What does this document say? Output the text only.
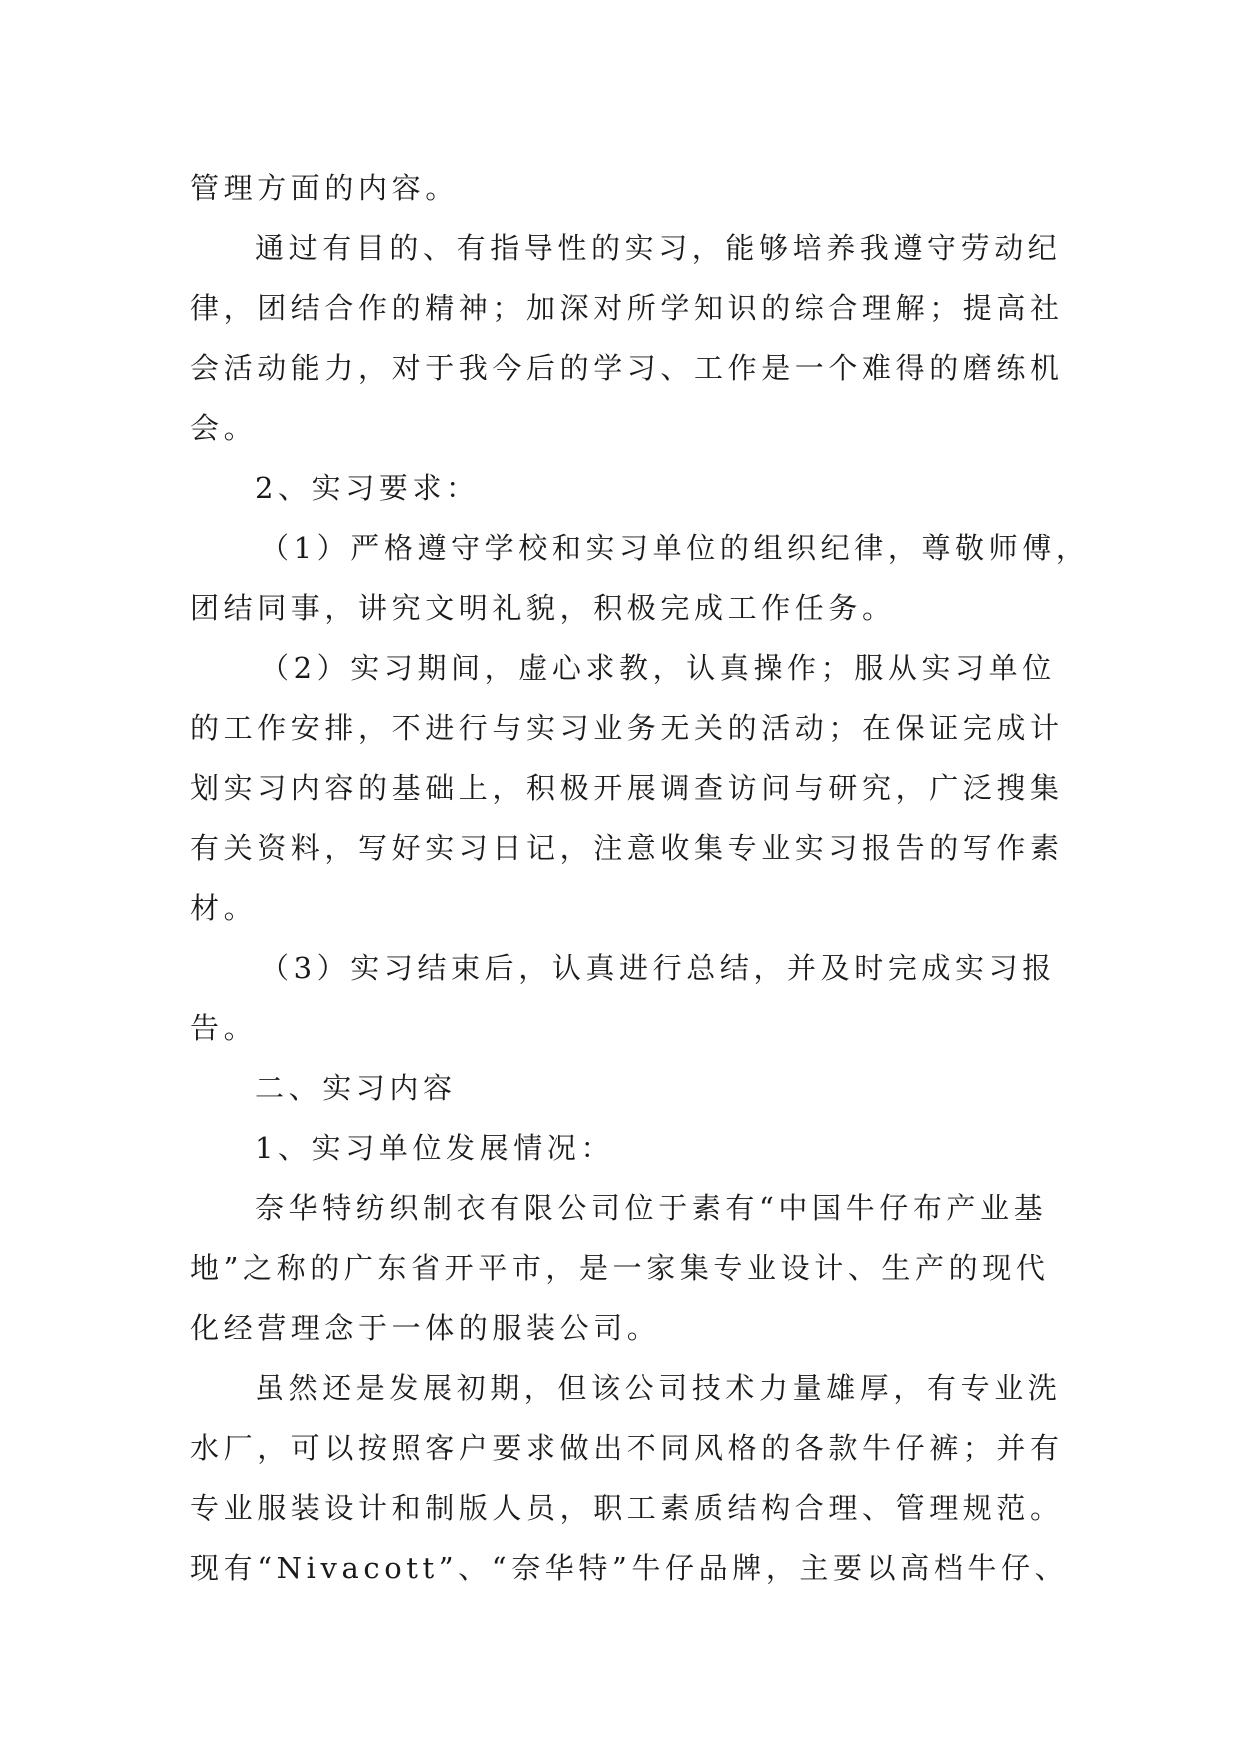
管理方面的内容。
通过有目的、有指导性的实习，能够培养我遵守劳动纪
律，团结合作的精神；加深对所学知识的综合理解；提高社
会活动能力，对于我今后的学习、工作是一个难得的磨练机
会。
2、实习要求：
（1）严格遵守学校和实习单位的组织纪律，尊敬师傅，
团结同事，讲究文明礼貌，积极完成工作任务。
（2）实习期间，虚心求教，认真操作；服从实习单位
的工作安排，不进行与实习业务无关的活动；在保证完成计
划实习内容的基础上，积极开展调查访问与研究，广泛搜集
有关资料，写好实习日记，注意收集专业实习报告的写作素
材。
（3）实习结束后，认真进行总结，并及时完成实习报
告。
二、实习内容
1、实习单位发展情况：
奈华特纺织制衣有限公司位于素有“中国牛仔布产业基
地”之称的广东省开平市，是一家集专业设计、生产的现代
化经营理念于一体的服装公司。
虽然还是发展初期，但该公司技术力量雄厚，有专业洗
水厂，可以按照客户要求做出不同风格的各款牛仔裤；并有
专业服装设计和制版人员，职工素质结构合理、管理规范。
现有“Nivacott”、“奈华特”牛仔品牌，主要以高档牛仔、
